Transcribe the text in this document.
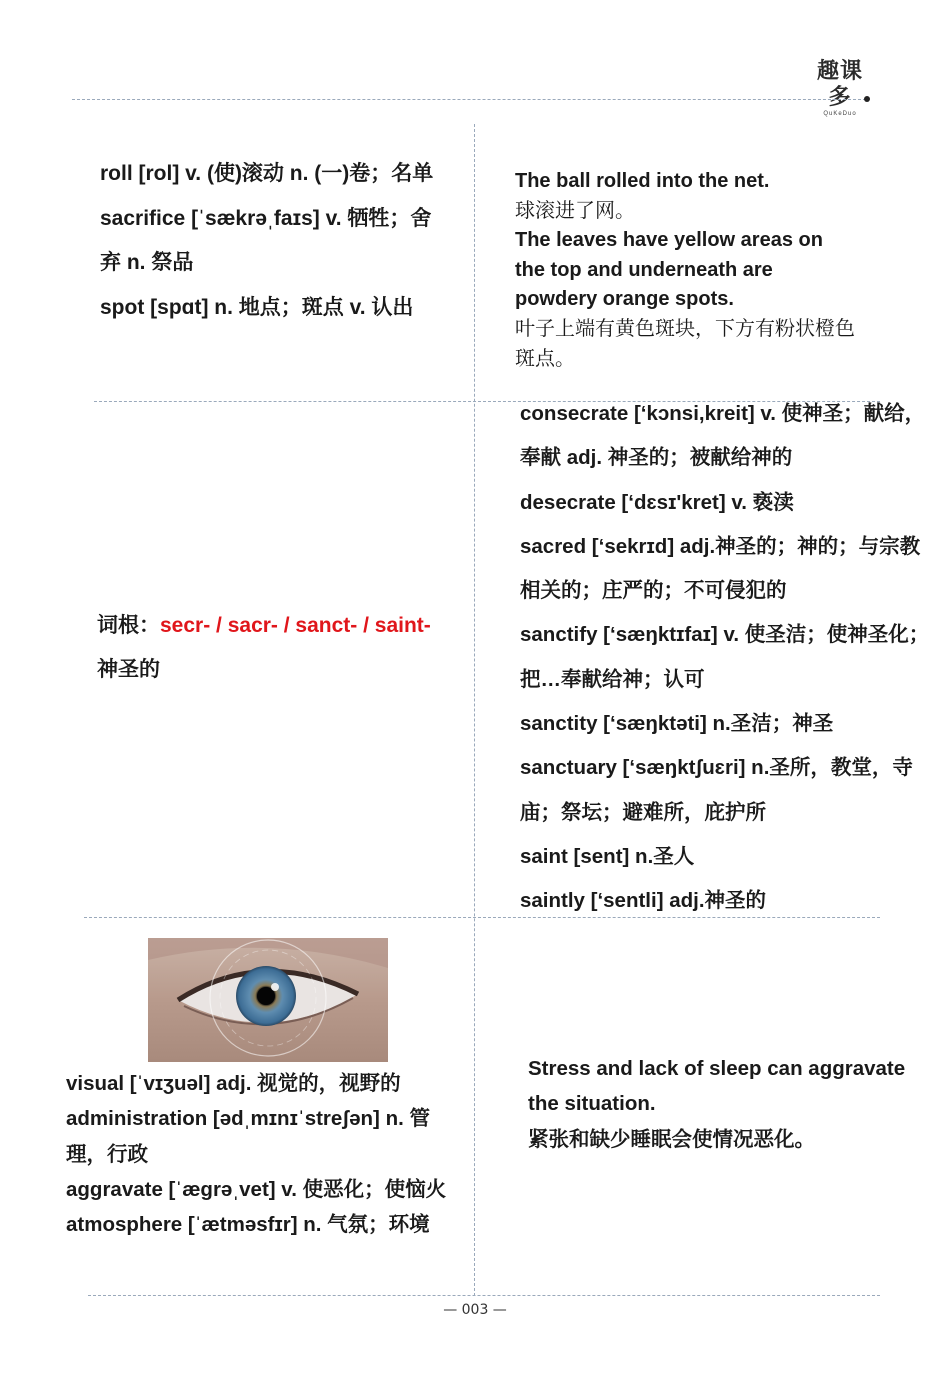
趣课多
QuKeDuo

roll [rol] v. (使)滚动 n. (一)卷；名单

sacrifice [ˈsækrəˌfaɪs] v. 牺牲；舍弃 n. 祭品

spot [spɑt] n. 地点；斑点 v. 认出

The ball rolled into the net.

球滚进了网。

The leaves have yellow areas on the top and underneath are powdery orange spots.

叶子上端有黄色斑块，下方有粉状橙色斑点。

词根：secr- / sacr- / sanct- / saint-
神圣的

consecrate [‘kɔnsi,kreit] v. 使神圣；献给，奉献 adj. 神圣的；被献给神的

desecrate [‘dɛsɪ'kret] v. 亵渎

sacred [‘sekrɪd] adj.神圣的；神的；与宗教相关的；庄严的；不可侵犯的

sanctify [‘sæŋktɪfaɪ] v. 使圣洁；使神圣化；把…奉献给神；认可

sanctity [‘sæŋktəti] n.圣洁；神圣

sanctuary [‘sæŋktʃuɛri] n.圣所，教堂，寺庙；祭坛；避难所，庇护所

saint [sent] n.圣人

saintly [‘sentli] adj.神圣的

visual [ˈvɪʒuəl] adj. 视觉的，视野的

administration [ədˌmɪnɪˈstreʃən] n. 管理，行政

aggravate [ˈægrəˌvet] v. 使恶化；使恼火

atmosphere [ˈætməsfɪr] n. 气氛；环境

Stress and lack of sleep can aggravate the situation.

紧张和缺少睡眠会使情况恶化。

— 003 —
